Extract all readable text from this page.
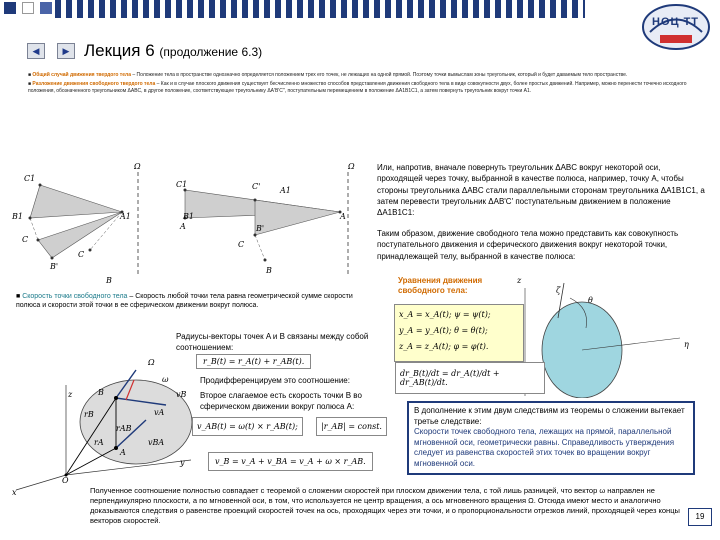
НОЦ ТТ
◀	▶ Лекция 6 (продолжение 6.3)
■ Общий случай движения твердого тела – Положение тела в пространстве однозначно определяется положением трех его точек, не лежащих на одной прямой. Поэтому точки вымыслам зоны треугольник, который и будет даваемым тело пространстве.
■ Разложение движения свободного твердого тела – Как и в случае плоского движения существует бесчисленно множество способов представления движения свободного тела в виде совокупности двух, более простых движений. Например, можно перенести точечно исходного положения, обозначенного треугольником ΔABC, в другое положение, соответствующее треугольнику ΔA'B'C'', поступательным перемещением в положение ΔA1B1C1, а затем повернуть треугольник вокруг точки A1.
Ω	Ω
C1
B1	A1
C
C
B'
B
C1	C' A1
B1
A	B'
A
C
B
Или, напротив, вначале повернуть треугольник ΔABC вокруг некоторой оси, проходящей через точку, выбранной в качестве полюса, например, точку A, чтобы стороны треугольника ΔABC стали параллельными сторонам треугольника ΔA1B1C1, а затем перевести треугольник ΔAB'C' поступательным движением в положение ΔA1B1C1:
Таким образом, движение свободного тела можно представить как совокупность поступательного движения и сферического движения вокруг некоторой точки, принадлежащей телу, выбранной в качестве полюса:
■ Скорость точки свободного тела – Скорость любой точки тела равна геометрической сумме скорости полюса и скорости этой точки в ее сферическом движении вокруг полюса.
Уравнения движения свободного тела:
x_A = x_A(t); ψ = ψ(t);
y_A = y_A(t); θ = θ(t);
z_A = z_A(t); φ = φ(t).
z
ζ
θ
η
Радиусы-векторы точек A и B связаны между собой соотношением:
r_B(t) = r_A(t) + r_AB(t).
Ω
ω
z	B	vB
rB	vA
rAB
vBA
rA
A
y
O
x
Продифференцируем это соотношение:
dr_B(t)/dt = dr_A(t)/dt + dr_AB(t)/dt.
Второе слагаемое есть скорость точки B во сферическом движении вокруг полюса A:
v_AB(t) = ω(t) × r_AB(t);	|r_AB| = const.
v_B = v_A + v_BA = v_A + ω × r_AB.
В дополнение к этим двум следствиям из теоремы о сложении вытекает третье следствие:
Скорости точек свободного тела, лежащих на прямой, параллельной мгновенной оси, геометрически равны. Справедливость утверждения следует из равенства скоростей этих точек во вращении вокруг мгновенной оси.
Полученное соотношение полностью совпадает с теоремой о сложении скоростей при плоском движении тела, с той лишь разницей, что вектор ω направлен не перпендикулярно плоскости, а по мгновенной оси, в том, что используется не центр вращения, а ось мгновенного вращения Ω. Отсюда имеют место и аналогично доказываются следствия о равенстве проекций скоростей точек на ось, проходящих через эти точки, и о пропорциональности отрезков линий, проходящей через концы векторов скоростей.	19
